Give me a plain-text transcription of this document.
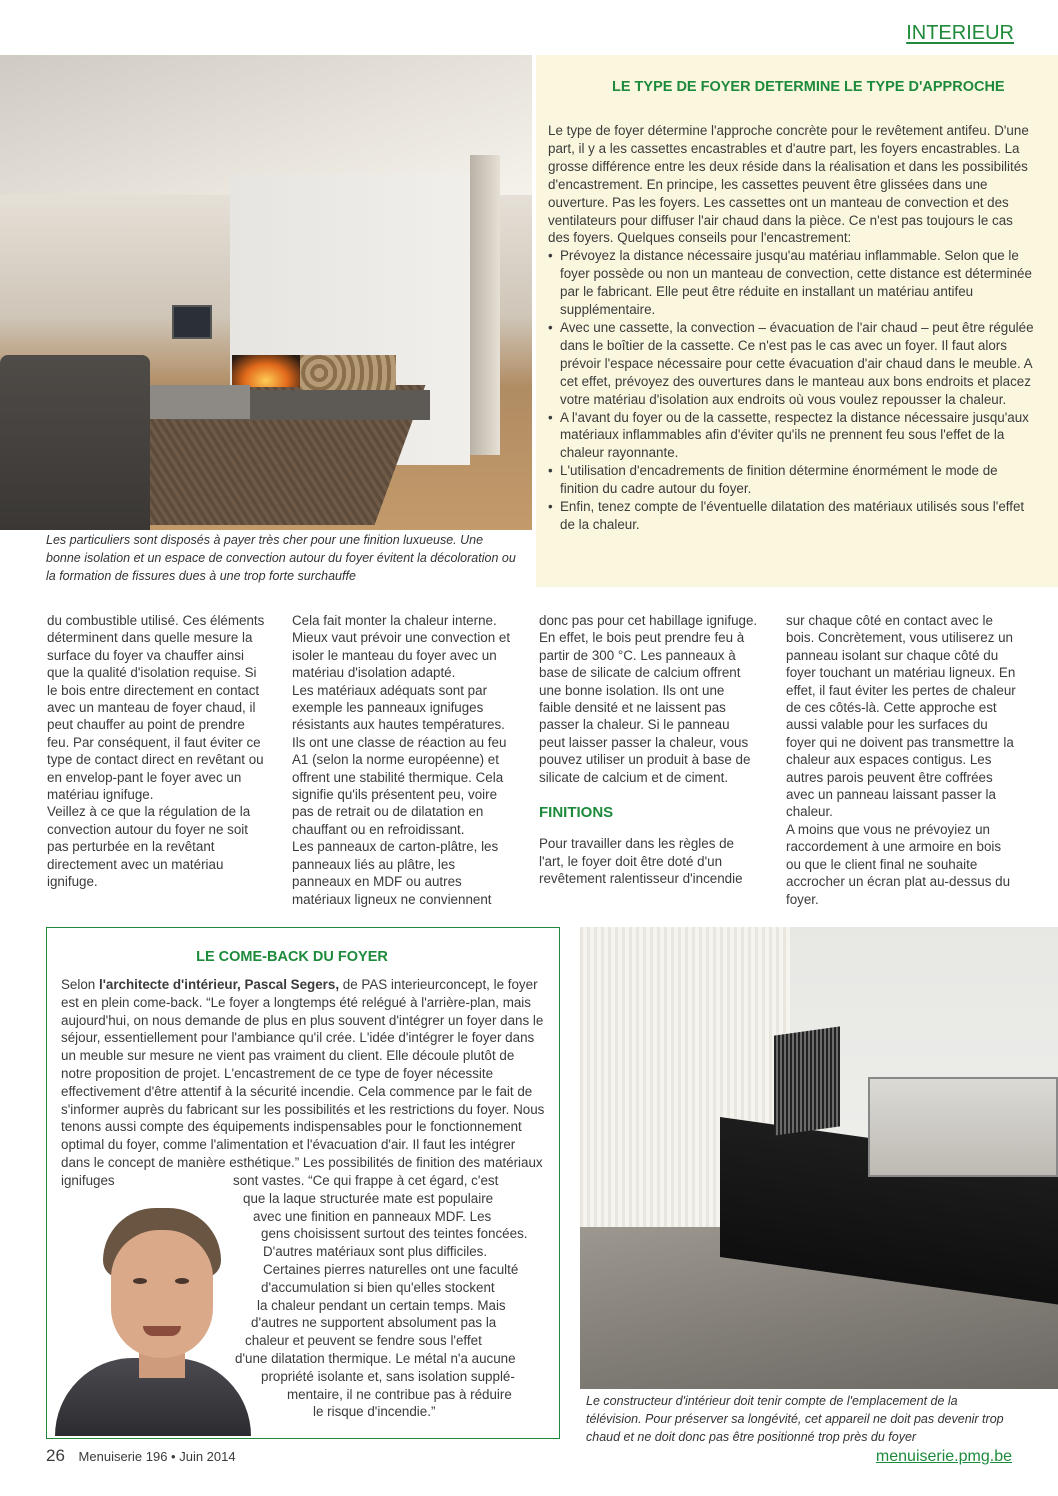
INTERIEUR
Les particuliers sont disposés à payer très cher pour une finition luxueuse. Une bonne isolation et un espace de convection autour du foyer évitent la décoloration ou la formation de fissures dues à une trop forte surchauffe
LE TYPE DE FOYER DETERMINE LE TYPE D'APPROCHE

Le type de foyer détermine l'approche concrète pour le revêtement antifeu. D'une part, il y a les cassettes encastrables et d'autre part, les foyers encastrables. La grosse différence entre les deux réside dans la réalisation et dans les possibilités d'encastrement. En principe, les cassettes peuvent être glissées dans une ouverture. Pas les foyers. Les cassettes ont un manteau de convection et des ventilateurs pour diffuser l'air chaud dans la pièce. Ce n'est pas toujours le cas des foyers. Quelques conseils pour l'encastrement:

• Prévoyez la distance nécessaire jusqu'au matériau inflammable. Selon que le foyer possède ou non un manteau de convection, cette distance est déterminée par le fabricant. Elle peut être réduite en installant un matériau antifeu supplémentaire.
• Avec une cassette, la convection – évacuation de l'air chaud – peut être régulée dans le boîtier de la cassette. Ce n'est pas le cas avec un foyer. Il faut alors prévoir l'espace nécessaire pour cette évacuation d'air chaud dans le meuble. A cet effet, prévoyez des ouvertures dans le manteau aux bons endroits et placez votre matériau d'isolation aux endroits où vous voulez repousser la chaleur.
• A l'avant du foyer ou de la cassette, respectez la distance nécessaire jusqu'aux matériaux inflammables afin d'éviter qu'ils ne prennent feu sous l'effet de la chaleur rayonnante.
• L'utilisation d'encadrements de finition détermine énormément le mode de finition du cadre autour du foyer.
• Enfin, tenez compte de l'éventuelle dilatation des matériaux utilisés sous l'effet de la chaleur.

du combustible utilisé. Ces éléments déterminent dans quelle mesure la surface du foyer va chauffer ainsi que la qualité d'isolation requise. Si le bois entre directement en contact avec un manteau de foyer chaud, il peut chauffer au point de prendre feu. Par conséquent, il faut éviter ce type de contact direct en revêtant ou en envelop-pant le foyer avec un matériau ignifuge.

Veillez à ce que la régulation de la convection autour du foyer ne soit pas perturbée en la revêtant directement avec un matériau ignifuge.

Cela fait monter la chaleur interne. Mieux vaut prévoir une convection et isoler le manteau du foyer avec un matériau d'isolation adapté.

Les matériaux adéquats sont par exemple les panneaux ignifuges résistants aux hautes températures. Ils ont une classe de réaction au feu A1 (selon la norme européenne) et offrent une stabilité thermique. Cela signifie qu'ils présentent peu, voire pas de retrait ou de dilatation en chauffant ou en refroidissant.

Les panneaux de carton-plâtre, les panneaux liés au plâtre, les panneaux en MDF ou autres matériaux ligneux ne conviennent

donc pas pour cet habillage ignifuge.

En effet, le bois peut prendre feu à partir de 300 °C. Les panneaux à base de silicate de calcium offrent une bonne isolation. Ils ont une faible densité et ne laissent pas passer la chaleur. Si le panneau peut laisser passer la chaleur, vous pouvez utiliser un produit à base de silicate de calcium et de ciment.

FINITIONS

Pour travailler dans les règles de l'art, le foyer doit être doté d'un revêtement ralentisseur d'incendie

sur chaque côté en contact avec le bois. Concrètement, vous utiliserez un panneau isolant sur chaque côté du foyer touchant un matériau ligneux. En effet, il faut éviter les pertes de chaleur de ces côtés-là. Cette approche est aussi valable pour les surfaces du foyer qui ne doivent pas transmettre la chaleur aux espaces contigus. Les autres parois peuvent être coffrées avec un panneau laissant passer la chaleur.

A moins que vous ne prévoyiez un raccordement à une armoire en bois ou que le client final ne souhaite accrocher un écran plat au-dessus du foyer.

LE COME-BACK DU FOYER

Selon l'architecte d'intérieur, Pascal Segers, de PAS interieurconcept, le foyer est en plein come-back. “Le foyer a longtemps été relégué à l'arrière-plan, mais aujourd'hui, on nous demande de plus en plus souvent d'intégrer un foyer dans le séjour, essentiellement pour l'ambiance qu'il crée. L'idée d'intégrer le foyer dans un meuble sur mesure ne vient pas vraiment du client. Elle découle plutôt de notre proposition de projet. L'encastrement de ce type de foyer nécessite effectivement d'être attentif à la sécurité incendie. Cela commence par le fait de s'informer auprès du fabricant sur les possibilités et les restrictions du foyer. Nous tenons aussi compte des équipements indispensables pour le fonctionnement optimal du foyer, comme l'alimentation et l'évacuation d'air. Il faut les intégrer dans le concept de manière esthétique.” Les possibilités de finition des matériaux ignifuges	sont vastes. “Ce qui frappe à cet égard, c'est
que la laque structurée mate est populaire
avec une finition en panneaux MDF. Les
gens choisissent surtout des teintes foncées.
D'autres matériaux sont plus difficiles.
Certaines pierres naturelles ont une faculté
d'accumulation si bien qu'elles stockent
la chaleur pendant un certain temps. Mais
d'autres ne supportent absolument pas la
chaleur et peuvent se fendre sous l'effet
d'une dilatation thermique. Le métal n'a aucune
propriété isolante et, sans isolation supplé-
mentaire, il ne contribue pas à réduire
le risque d'incendie.”
Le constructeur d'intérieur doit tenir compte de l'emplacement de la télévision. Pour préserver sa longévité, cet appareil ne doit pas devenir trop chaud et ne doit donc pas être positionné trop près du foyer
26 Menuiserie 196 • Juin 2014	menuiserie.pmg.be
